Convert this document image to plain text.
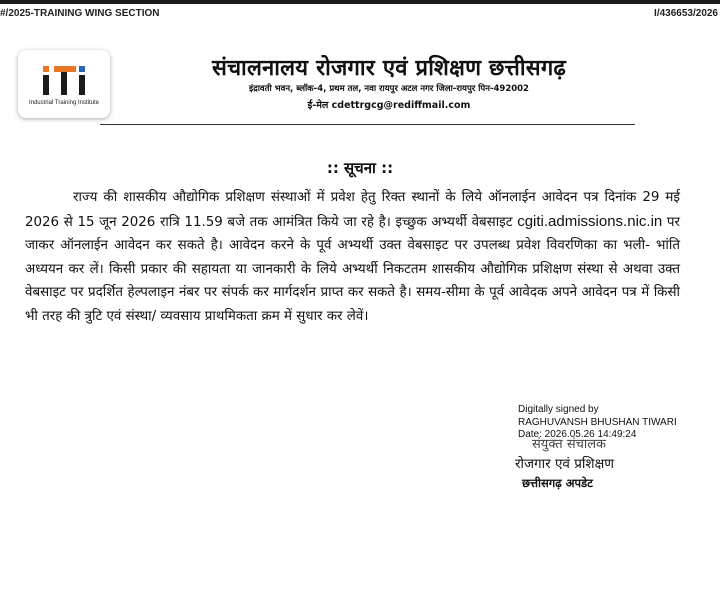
#/2025-TRAINING WING SECTION	I/436653/2026
Industrial Training Institute
संचालनालय रोजगार एवं प्रशिक्षण छत्तीसगढ़
इंद्रावती भवन, ब्लॉक-4, प्रथम तल, नवा रायपुर अटल नगर जिला-रायपुर पिन-492002
ई-मेल cdettrgcg@rediffmail.com
:: सूचना ::

राज्य की शासकीय औद्योगिक प्रशिक्षण संस्थाओं में प्रवेश हेतु रिक्त स्थानों के लिये ऑनलाईन आवेदन पत्र दिनांक 29 मई 2026 से 15 जून 2026 रात्रि 11.59 बजे तक आमंत्रित किये जा रहे है। इच्छुक अभ्यर्थी वेबसाइट cgiti.admissions.nic.in पर जाकर ऑनलाईन आवेदन कर सकते है। आवेदन करने के पूर्व अभ्यर्थी उक्त वेबसाइट पर उपलब्ध प्रवेश विवरणिका का भली- भांति अध्ययन कर लें। किसी प्रकार की सहायता या जानकारी के लिये अभ्यर्थी निकटतम शासकीय औद्योगिक प्रशिक्षण संस्था से अथवा उक्त वेबसाइट पर प्रदर्शित हेल्पलाइन नंबर पर संपर्क कर मार्गदर्शन प्राप्त कर सकते है। समय-सीमा के पूर्व आवेदक अपने आवेदन पत्र में किसी भी तरह की त्रुटि एवं संस्था/ व्यवसाय प्राथमिकता क्रम में सुधार कर लेवें।

Digitally signed by
RAGHUVANSH BHUSHAN TIWARI
Date: 2026.05.26 14:49:24
संयुक्त संचालक
रोजगार एवं प्रशिक्षण
छत्तीसगढ़ अपडेट
